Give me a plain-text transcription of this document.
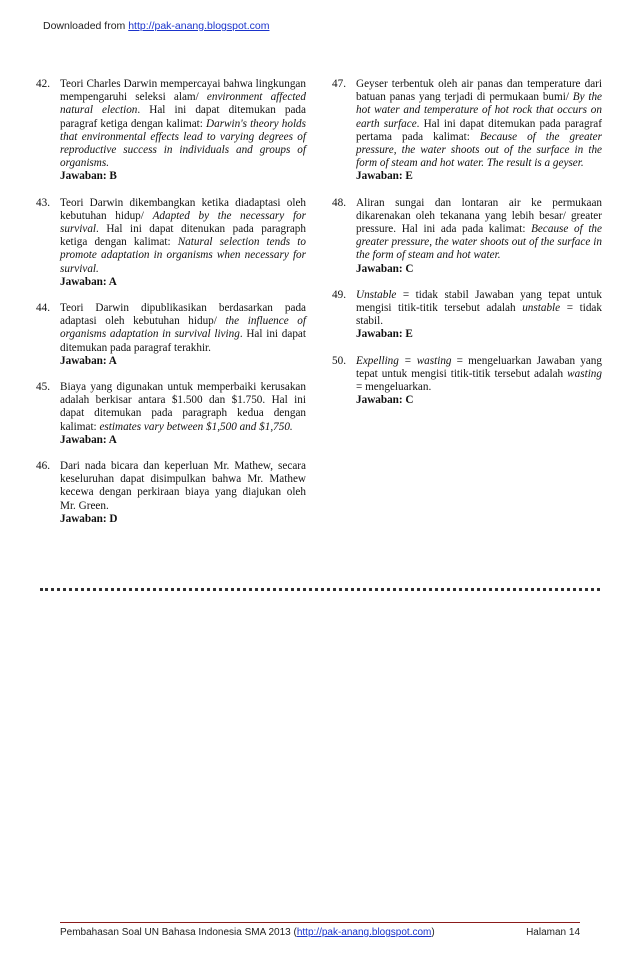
Downloaded from http://pak-anang.blogspot.com
42. Teori Charles Darwin mempercayai bahwa lingkungan mempengaruhi seleksi alam/ environment affected natural election. Hal ini dapat ditemukan pada paragraf ketiga dengan kalimat: Darwin's theory holds that environmental effects lead to varying degrees of reproductive success in individuals and groups of organisms.
Jawaban: B
43. Teori Darwin dikembangkan ketika diadaptasi oleh kebutuhan hidup/ Adapted by the necessary for survival. Hal ini dapat ditenukan pada paragraph ketiga dengan kalimat: Natural selection tends to promote adaptation in organisms when necessary for survival.
Jawaban: A
44. Teori Darwin dipublikasikan berdasarkan pada adaptasi oleh kebutuhan hidup/ the influence of organisms adaptation in survival living. Hal ini dapat ditemukan pada paragraf terakhir.
Jawaban: A
45. Biaya yang digunakan untuk memperbaiki kerusakan adalah berkisar antara $1.500 dan $1.750. Hal ini dapat ditemukan pada paragraph kedua dengan kalimat: estimates vary between $1,500 and $1,750.
Jawaban: A
46. Dari nada bicara dan keperluan Mr. Mathew, secara keseluruhan dapat disimpulkan bahwa Mr. Mathew kecewa dengan perkiraan biaya yang diajukan oleh Mr. Green.
Jawaban: D
47. Geyser terbentuk oleh air panas dan temperature dari batuan panas yang terjadi di permukaan bumi/ By the hot water and temperature of hot rock that occurs on earth surface. Hal ini dapat ditemukan pada paragraf pertama pada kalimat: Because of the greater pressure, the water shoots out of the surface in the form of steam and hot water. The result is a geyser.
Jawaban: E
48. Aliran sungai dan lontaran air ke permukaan dikarenakan oleh tekanana yang lebih besar/ greater pressure. Hal ini ada pada kalimat: Because of the greater pressure, the water shoots out of the surface in the form of steam and hot water.
Jawaban: C
49. Unstable = tidak stabil Jawaban yang tepat untuk mengisi titik-titik tersebut adalah unstable = tidak stabil.
Jawaban: E
50. Expelling = wasting = mengeluarkan Jawaban yang tepat untuk mengisi titik-titik tersebut adalah wasting = mengeluarkan.
Jawaban: C
Pembahasan Soal UN Bahasa Indonesia SMA 2013 (http://pak-anang.blogspot.com)	Halaman 14
